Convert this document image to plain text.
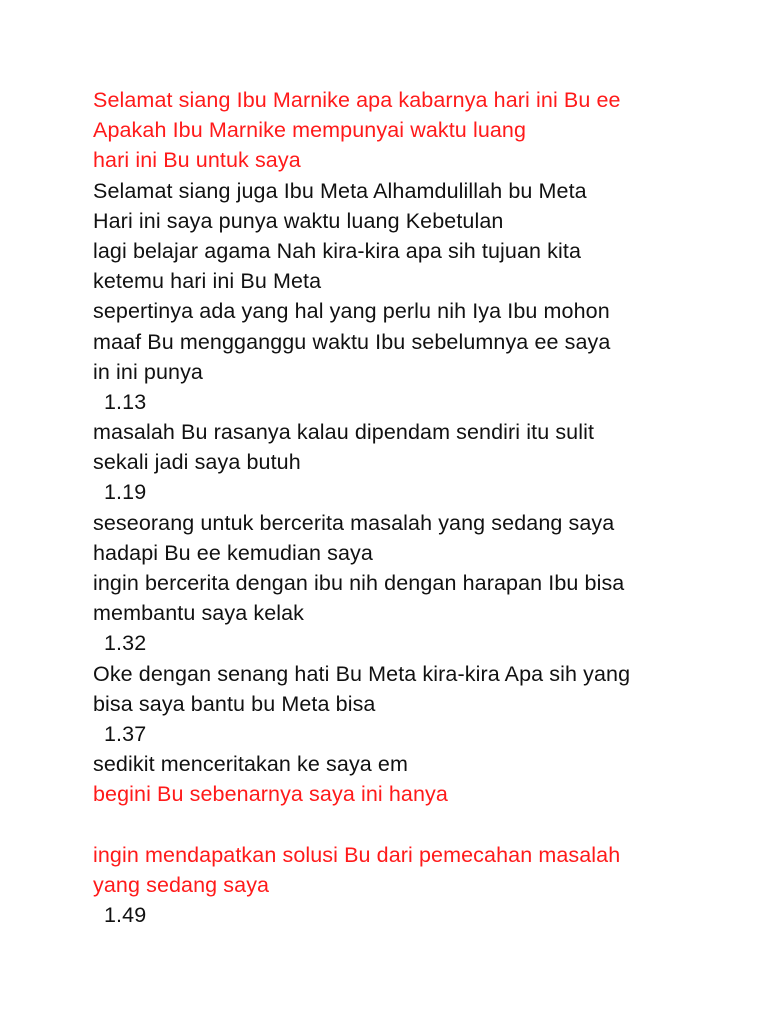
Selamat siang Ibu Marnike apa kabarnya hari ini Bu ee
Apakah Ibu Marnike mempunyai waktu luang
hari ini Bu untuk saya
Selamat siang juga Ibu Meta Alhamdulillah bu Meta
Hari ini saya punya waktu luang Kebetulan
lagi belajar agama Nah kira-kira apa sih tujuan kita
ketemu hari ini Bu Meta
sepertinya ada yang hal yang perlu nih Iya Ibu mohon
maaf Bu mengganggu waktu Ibu sebelumnya ee saya
in ini punya
1.13
masalah Bu rasanya kalau dipendam sendiri itu sulit
sekali jadi saya butuh
1.19
seseorang untuk bercerita masalah yang sedang saya
hadapi Bu ee kemudian saya
ingin bercerita dengan ibu nih dengan harapan Ibu bisa
membantu saya kelak
1.32
Oke dengan senang hati Bu Meta kira-kira Apa sih yang
bisa saya bantu bu Meta bisa
1.37
sedikit menceritakan ke saya em
begini Bu sebenarnya saya ini hanya
ingin mendapatkan solusi Bu dari pemecahan masalah
yang sedang saya
1.49
